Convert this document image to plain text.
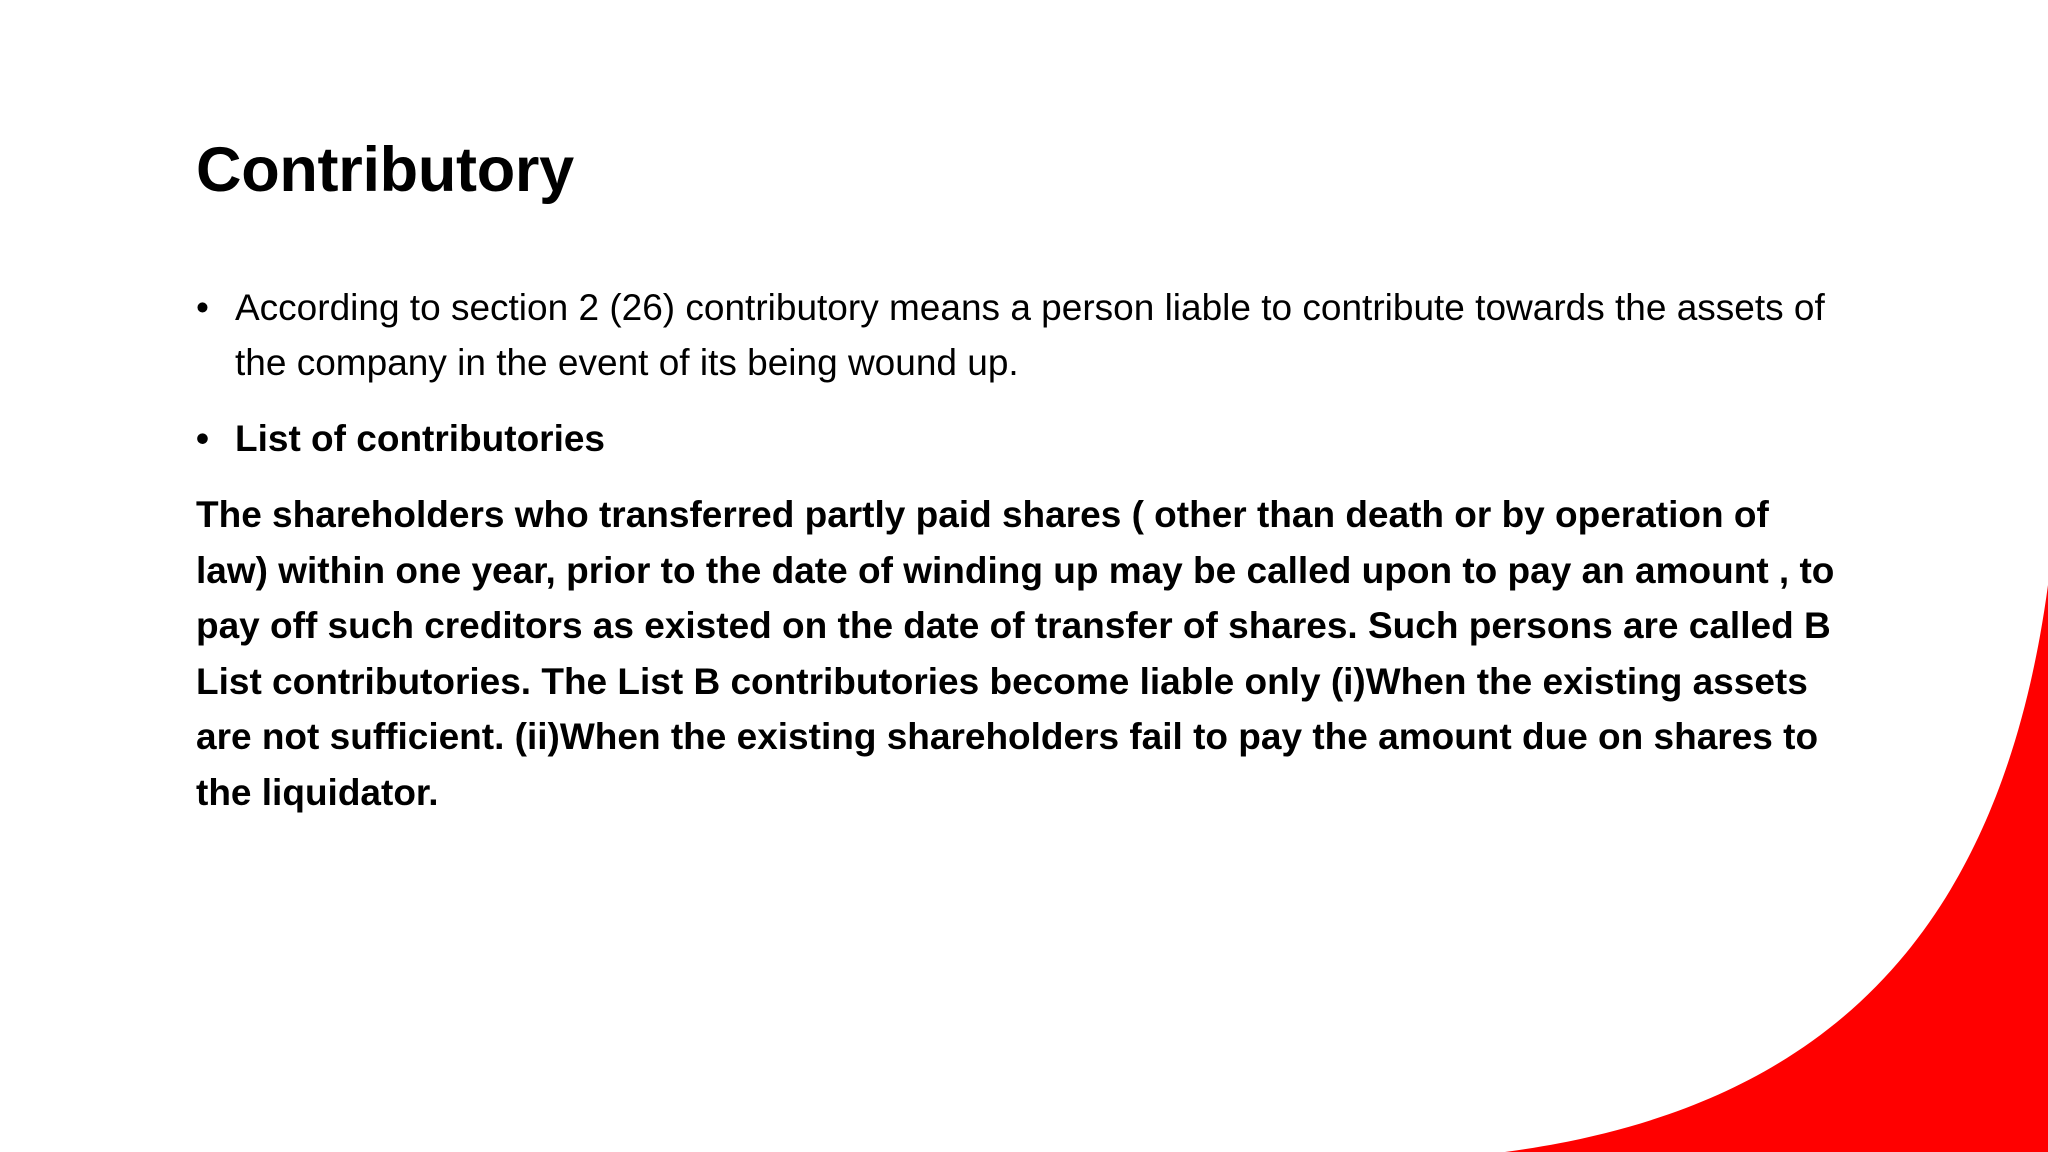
Contributory
• According to section 2 (26) contributory means a person liable to contribute towards the assets of the company in the event of its being wound up.
• List of contributories
The shareholders who transferred partly paid shares ( other than death or by operation of law) within one year, prior to the date of winding up may be called upon to pay an amount , to pay off such creditors as existed on the date of transfer of shares. Such persons are called B List contributories. The List B contributories become liable only (i)When the existing assets are not sufficient. (ii)When the existing shareholders fail to pay the amount due on shares to the liquidator.
